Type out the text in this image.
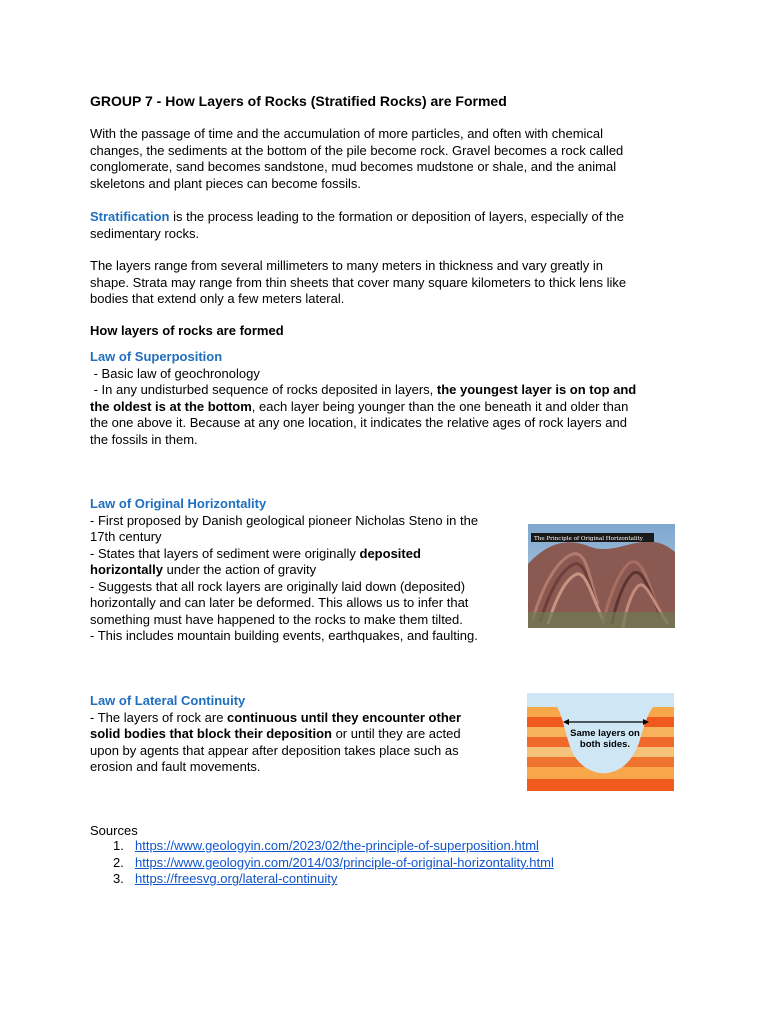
GROUP 7 - How Layers of Rocks (Stratified Rocks) are Formed
With the passage of time and the accumulation of more particles, and often with chemical
changes, the sediments at the bottom of the pile become rock. Gravel becomes a rock called
conglomerate, sand becomes sandstone, mud becomes mudstone or shale, and the animal
skeletons and plant pieces can become fossils.
Stratification is the process leading to the formation or deposition of layers, especially of the
sedimentary rocks.
The layers range from several millimeters to many meters in thickness and vary greatly in
shape. Strata may range from thin sheets that cover many square kilometers to thick lens like
bodies that extend only a few meters lateral.
How layers of rocks are formed
Law of Superposition
- Basic law of geochronology
- In any undisturbed sequence of rocks deposited in layers, the youngest layer is on top and
the oldest is at the bottom, each layer being younger than the one beneath it and older than
the one above it. Because at any one location, it indicates the relative ages of rock layers and
the fossils in them.
Law of Original Horizontality
- First proposed by Danish geological pioneer Nicholas Steno in the
17th century
- States that layers of sediment were originally deposited
horizontally under the action of gravity
- Suggests that all rock layers are originally laid down (deposited)
horizontally and can later be deformed. This allows us to infer that
something must have happened to the rocks to make them tilted.
- This includes mountain building events, earthquakes, and faulting.
The Principle of Original Horizontality
Law of Lateral Continuity
- The layers of rock are continuous until they encounter other
solid bodies that block their deposition or until they are acted
upon by agents that appear after deposition takes place such as
erosion and fault movements.
Same layers on
both sides.
Sources
1. https://www.geologyin.com/2023/02/the-principle-of-superposition.html
2. https://www.geologyin.com/2014/03/principle-of-original-horizontality.html
3. https://freesvg.org/lateral-continuity
